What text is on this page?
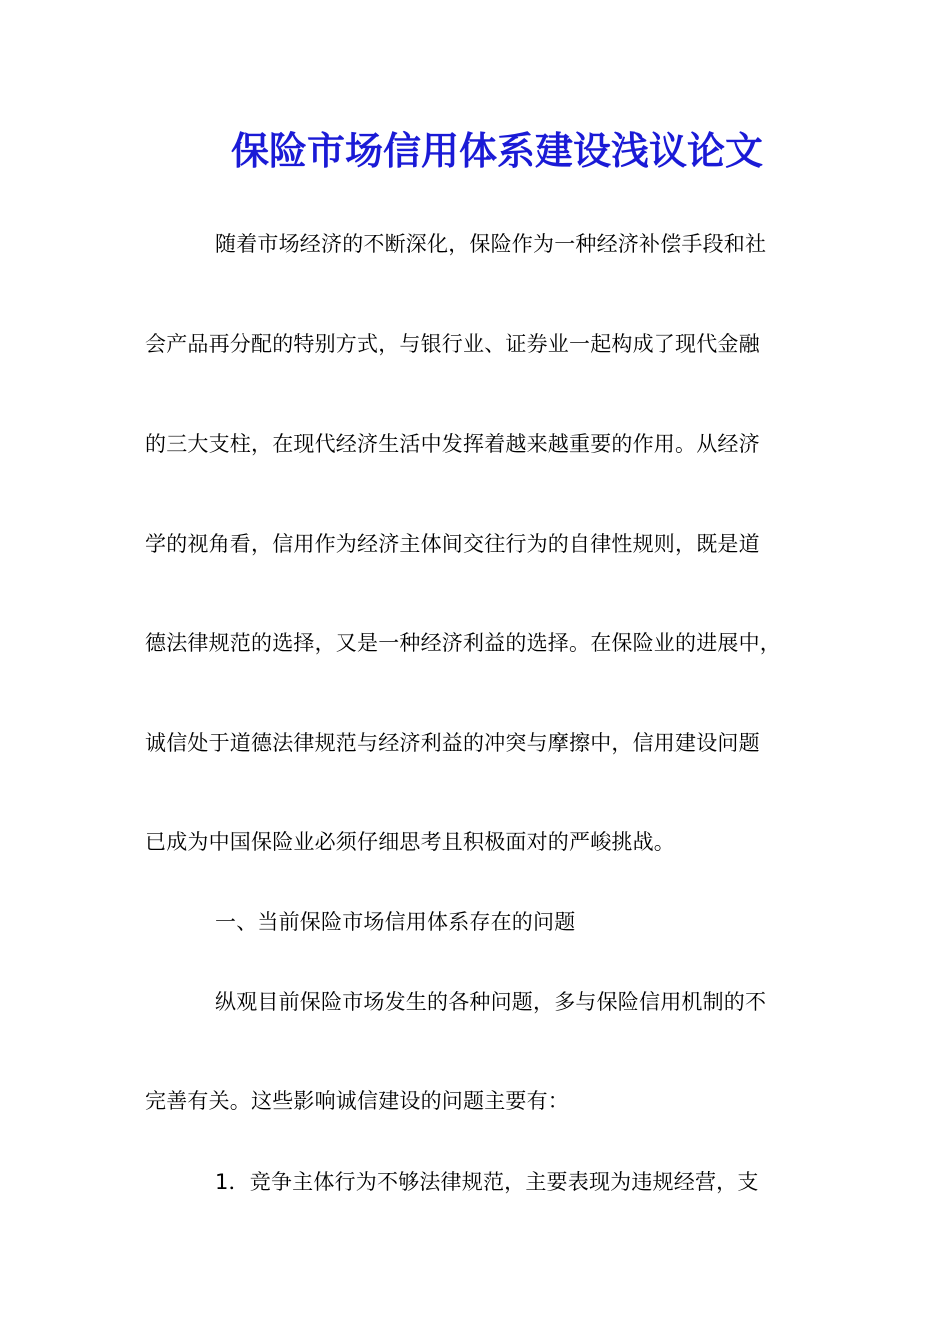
保险市场信用体系建设浅议论文
随着市场经济的不断深化，保险作为一种经济补偿手段和社
会产品再分配的特别方式，与银行业、证券业一起构成了现代金融
的三大支柱，在现代经济生活中发挥着越来越重要的作用。从经济
学的视角看，信用作为经济主体间交往行为的自律性规则，既是道
德法律规范的选择，又是一种经济利益的选择。在保险业的进展中，
诚信处于道德法律规范与经济利益的冲突与摩擦中，信用建设问题
已成为中国保险业必须仔细思考且积极面对的严峻挑战。
一、当前保险市场信用体系存在的问题
纵观目前保险市场发生的各种问题，多与保险信用机制的不
完善有关。这些影响诚信建设的问题主要有：
1．竞争主体行为不够法律规范，主要表现为违规经营，支
